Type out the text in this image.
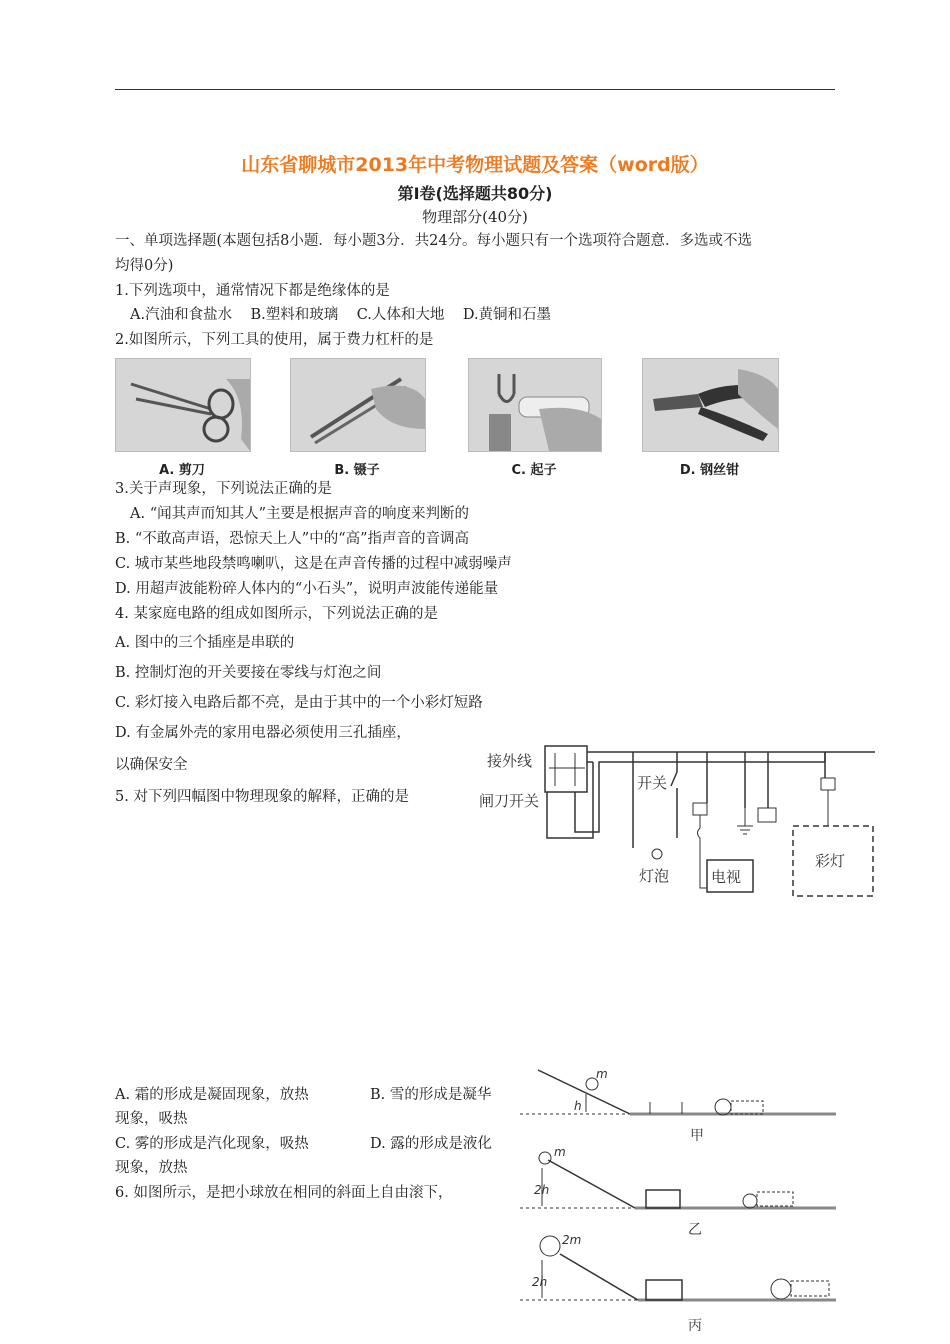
山东省聊城市2013年中考物理试题及答案（word版）
第Ⅰ卷(选择题共80分)
物理部分(40分)
一、单项选择题(本题包括8小题．每小题3分．共24分。每小题只有一个选项符合题意．多选或不选
均得0分)
1.下列选项中，通常情况下都是绝缘体的是
A.汽油和食盐水    B.塑料和玻璃    C.人体和大地    D.黄铜和石墨
2.如图所示，下列工具的使用，属于费力杠杆的是
A. 剪刀	B. 镊子	C. 起子	D. 钢丝钳
3.关于声现象，下列说法正确的是
A. “闻其声而知其人”主要是根据声音的响度来判断的
B. “不敢高声语，恐惊天上人”中的“高”指声音的音调高
C. 城市某些地段禁鸣喇叭，这是在声音传播的过程中减弱噪声
D. 用超声波能粉碎人体内的“小石头”，说明声波能传递能量
4. 某家庭电路的组成如图所示，下列说法正确的是
A. 图中的三个插座是串联的
B. 控制灯泡的开关要接在零线与灯泡之间
C. 彩灯接入电路后都不亮，是由于其中的一个小彩灯短路
D. 有金属外壳的家用电器必须使用三孔插座，
以确保安全
5. 对下列四幅图中物理现象的解释，正确的是
接外线
闸刀开关
开关
灯泡	电视
彩灯
A. 霜的形成是凝固现象，放热	B. 雪的形成是凝华
现象，吸热
C. 雾的形成是汽化现象，吸热	D. 露的形成是液化
现象，放热
6. 如图所示，是把小球放在相同的斜面上自由滚下，
m
h
甲
m
2h
乙
2m
2h
丙
